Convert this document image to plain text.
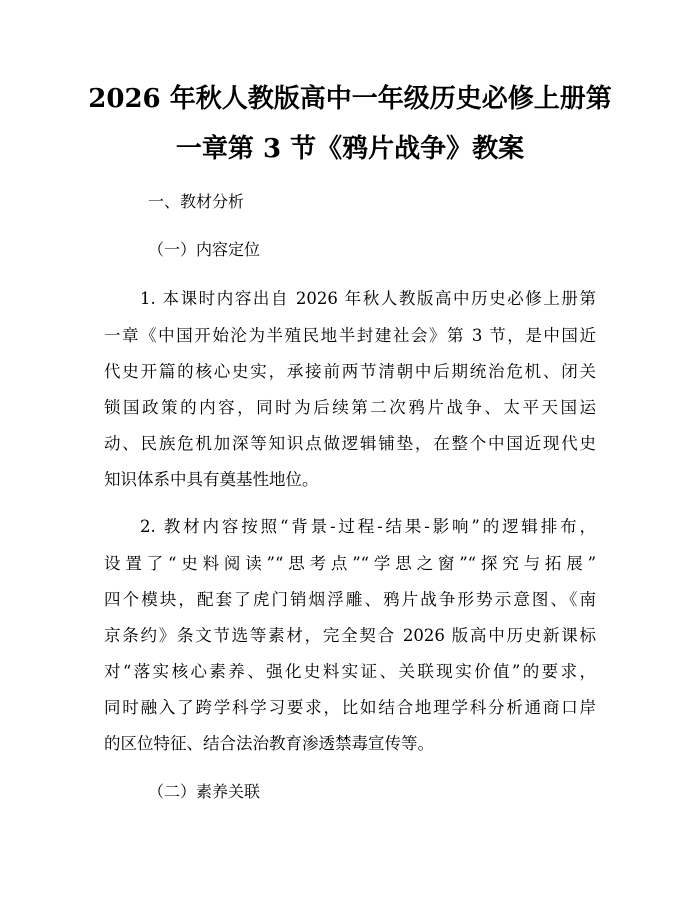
2026 年秋人教版高中一年级历史必修上册第
一章第 3 节《鸦片战争》教案
一、教材分析
（一）内容定位
1. 本课时内容出自 2026 年秋人教版高中历史必修上册第
一章《中国开始沦为半殖民地半封建社会》第 3 节，是中国近
代史开篇的核心史实，承接前两节清朝中后期统治危机、闭关
锁国政策的内容，同时为后续第二次鸦片战争、太平天国运
动、民族危机加深等知识点做逻辑铺垫，在整个中国近现代史
知识体系中具有奠基性地位。
2. 教材内容按照“背景-过程-结果-影响”的逻辑排布，
设置了“史料阅读”“思考点”“学思之窗”“探究与拓展”
四个模块，配套了虎门销烟浮雕、鸦片战争形势示意图、《南
京条约》条文节选等素材，完全契合 2026 版高中历史新课标
对“落实核心素养、强化史料实证、关联现实价值”的要求，
同时融入了跨学科学习要求，比如结合地理学科分析通商口岸
的区位特征、结合法治教育渗透禁毒宣传等。
（二）素养关联
